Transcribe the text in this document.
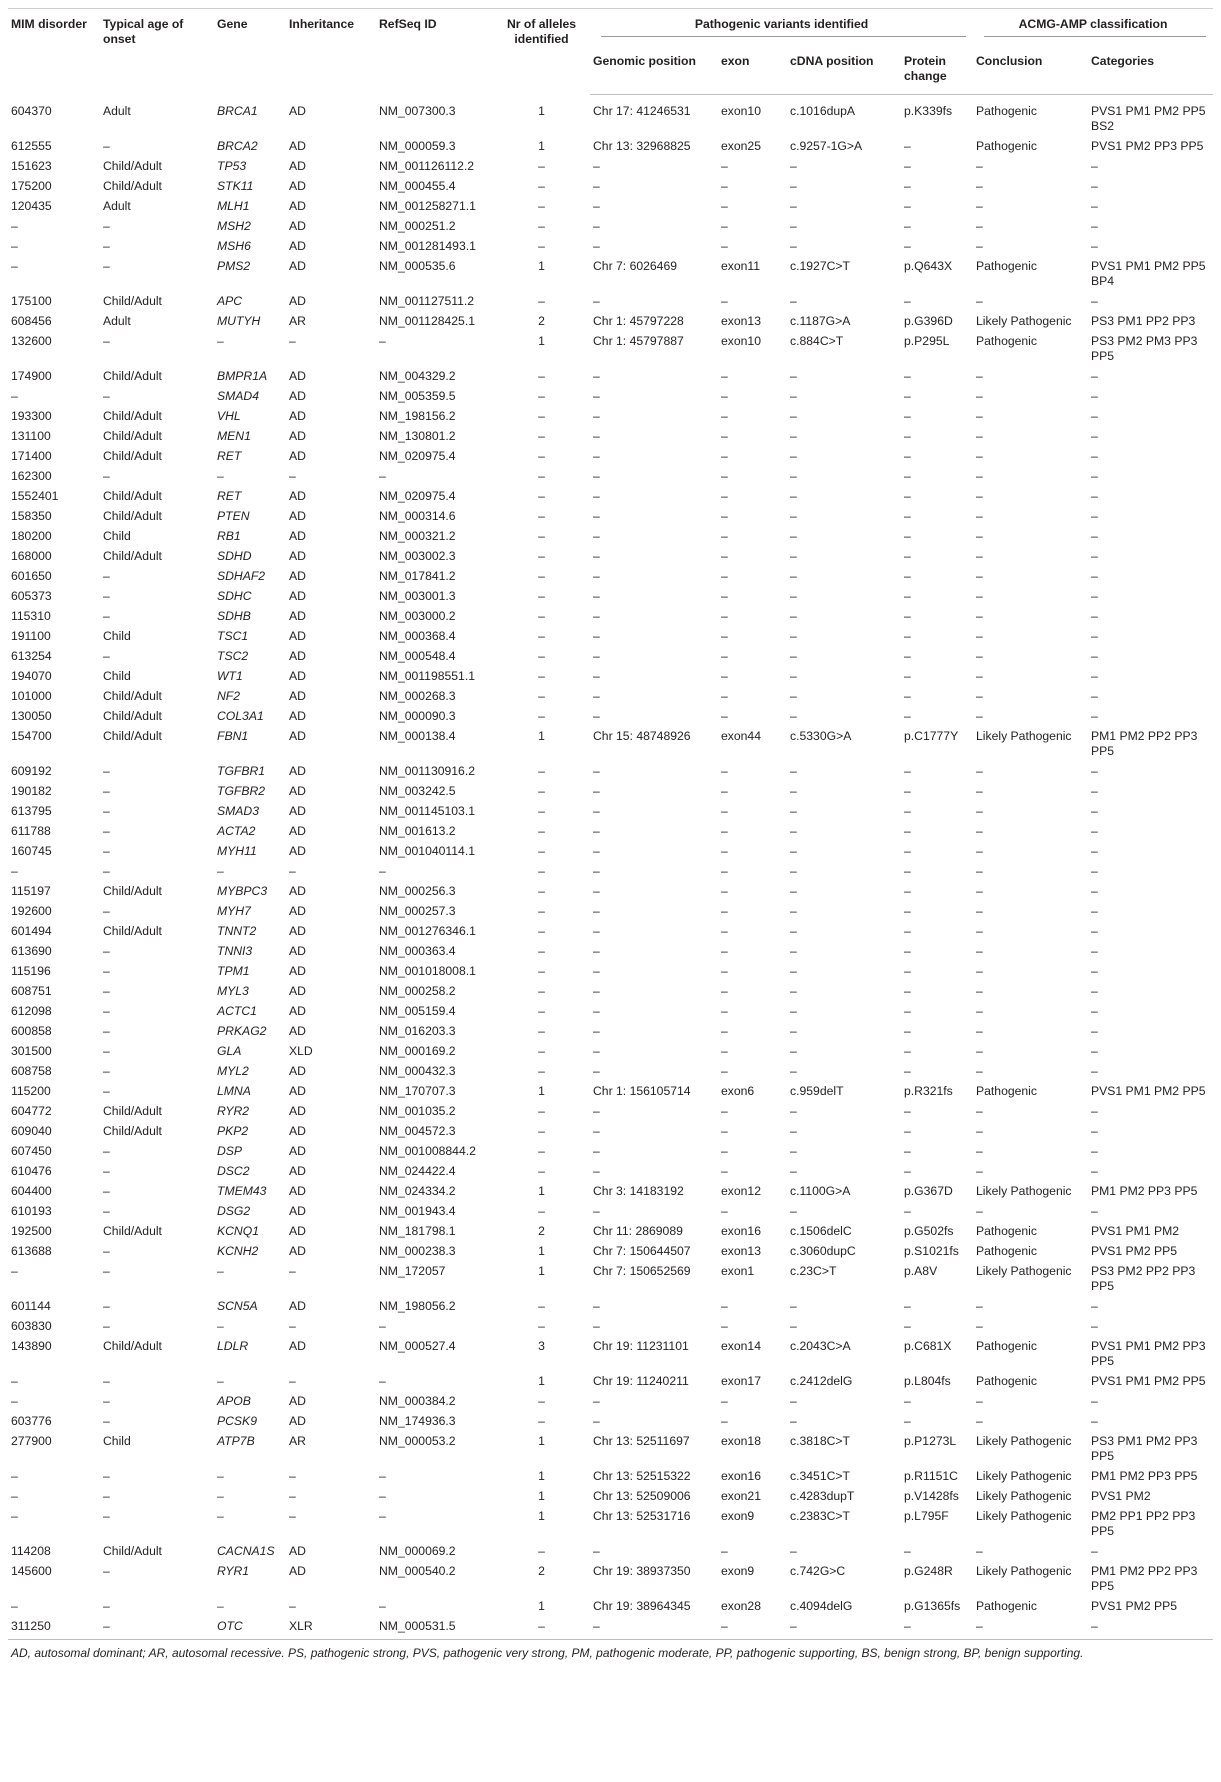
MIM disorder	Typical age of onset	Gene	Inheritance	RefSeq ID	Nr of alleles identified	Pathogenic variants identified				ACMG-AMP classification	

						Genomic position	exon	cDNA position	Protein change	Conclusion	Categories
604370	Adult	BRCA1	AD	NM_007300.3	1	Chr 17: 41246531	exon10	c.1016dupA	p.K339fs	Pathogenic	PVS1 PM1 PM2 PP5 BS2
612555	–	BRCA2	AD	NM_000059.3	1	Chr 13: 32968825	exon25	c.9257-1G>A	–	Pathogenic	PVS1 PM2 PP3 PP5
151623	Child/Adult	TP53	AD	NM_001126112.2	–	–	–	–	–	–	–
175200	Child/Adult	STK11	AD	NM_000455.4	–	–	–	–	–	–	–
120435	Adult	MLH1	AD	NM_001258271.1	–	–	–	–	–	–	–
–	–	MSH2	AD	NM_000251.2	–	–	–	–	–	–	–
–	–	MSH6	AD	NM_001281493.1	–	–	–	–	–	–	–
–	–	PMS2	AD	NM_000535.6	1	Chr 7: 6026469	exon11	c.1927C>T	p.Q643X	Pathogenic	PVS1 PM1 PM2 PP5 BP4
175100	Child/Adult	APC	AD	NM_001127511.2	–	–	–	–	–	–	–
608456	Adult	MUTYH	AR	NM_001128425.1	2	Chr 1: 45797228	exon13	c.1187G>A	p.G396D	Likely Pathogenic	PS3 PM1 PP2 PP3
132600	–	–	–	–	1	Chr 1: 45797887	exon10	c.884C>T	p.P295L	Pathogenic	PS3 PM2 PM3 PP3 PP5
174900	Child/Adult	BMPR1A	AD	NM_004329.2	–	–	–	–	–	–	–
–	–	SMAD4	AD	NM_005359.5	–	–	–	–	–	–	–
193300	Child/Adult	VHL	AD	NM_198156.2	–	–	–	–	–	–	–
131100	Child/Adult	MEN1	AD	NM_130801.2	–	–	–	–	–	–	–
171400	Child/Adult	RET	AD	NM_020975.4	–	–	–	–	–	–	–
162300	–	–	–	–	–	–	–	–	–	–	–
1552401	Child/Adult	RET	AD	NM_020975.4	–	–	–	–	–	–	–
158350	Child/Adult	PTEN	AD	NM_000314.6	–	–	–	–	–	–	–
180200	Child	RB1	AD	NM_000321.2	–	–	–	–	–	–	–
168000	Child/Adult	SDHD	AD	NM_003002.3	–	–	–	–	–	–	–
601650	–	SDHAF2	AD	NM_017841.2	–	–	–	–	–	–	–
605373	–	SDHC	AD	NM_003001.3	–	–	–	–	–	–	–
115310	–	SDHB	AD	NM_003000.2	–	–	–	–	–	–	–
191100	Child	TSC1	AD	NM_000368.4	–	–	–	–	–	–	–
613254	–	TSC2	AD	NM_000548.4	–	–	–	–	–	–	–
194070	Child	WT1	AD	NM_001198551.1	–	–	–	–	–	–	–
101000	Child/Adult	NF2	AD	NM_000268.3	–	–	–	–	–	–	–
130050	Child/Adult	COL3A1	AD	NM_000090.3	–	–	–	–	–	–	–
154700	Child/Adult	FBN1	AD	NM_000138.4	1	Chr 15: 48748926	exon44	c.5330G>A	p.C1777Y	Likely Pathogenic	PM1 PM2 PP2 PP3 PP5
609192	–	TGFBR1	AD	NM_001130916.2	–	–	–	–	–	–	–
190182	–	TGFBR2	AD	NM_003242.5	–	–	–	–	–	–	–
613795	–	SMAD3	AD	NM_001145103.1	–	–	–	–	–	–	–
611788	–	ACTA2	AD	NM_001613.2	–	–	–	–	–	–	–
160745	–	MYH11	AD	NM_001040114.1	–	–	–	–	–	–	–
–	–	–	–	–	–	–	–	–	–	–	–
115197	Child/Adult	MYBPC3	AD	NM_000256.3	–	–	–	–	–	–	–
192600	–	MYH7	AD	NM_000257.3	–	–	–	–	–	–	–
601494	Child/Adult	TNNT2	AD	NM_001276346.1	–	–	–	–	–	–	–
613690	–	TNNI3	AD	NM_000363.4	–	–	–	–	–	–	–
115196	–	TPM1	AD	NM_001018008.1	–	–	–	–	–	–	–
608751	–	MYL3	AD	NM_000258.2	–	–	–	–	–	–	–
612098	–	ACTC1	AD	NM_005159.4	–	–	–	–	–	–	–
600858	–	PRKAG2	AD	NM_016203.3	–	–	–	–	–	–	–
301500	–	GLA	XLD	NM_000169.2	–	–	–	–	–	–	–
608758	–	MYL2	AD	NM_000432.3	–	–	–	–	–	–	–
115200	–	LMNA	AD	NM_170707.3	1	Chr 1: 156105714	exon6	c.959delT	p.R321fs	Pathogenic	PVS1 PM1 PM2 PP5
604772	Child/Adult	RYR2	AD	NM_001035.2	–	–	–	–	–	–	–
609040	Child/Adult	PKP2	AD	NM_004572.3	–	–	–	–	–	–	–
607450	–	DSP	AD	NM_001008844.2	–	–	–	–	–	–	–
610476	–	DSC2	AD	NM_024422.4	–	–	–	–	–	–	–
604400	–	TMEM43	AD	NM_024334.2	1	Chr 3: 14183192	exon12	c.1100G>A	p.G367D	Likely Pathogenic	PM1 PM2 PP3 PP5
610193	–	DSG2	AD	NM_001943.4	–	–	–	–	–	–	–
192500	Child/Adult	KCNQ1	AD	NM_181798.1	2	Chr 11: 2869089	exon16	c.1506delC	p.G502fs	Pathogenic	PVS1 PM1 PM2
613688	–	KCNH2	AD	NM_000238.3	1	Chr 7: 150644507	exon13	c.3060dupC	p.S1021fs	Pathogenic	PVS1 PM2 PP5
–	–	–	–	NM_172057	1	Chr 7: 150652569	exon1	c.23C>T	p.A8V	Likely Pathogenic	PS3 PM2 PP2 PP3 PP5
601144	–	SCN5A	AD	NM_198056.2	–	–	–	–	–	–	–
603830	–	–	–	–	–	–	–	–	–	–	–
143890	Child/Adult	LDLR	AD	NM_000527.4	3	Chr 19: 11231101	exon14	c.2043C>A	p.C681X	Pathogenic	PVS1 PM1 PM2 PP3 PP5
–	–	–	–	–	1	Chr 19: 11240211	exon17	c.2412delG	p.L804fs	Pathogenic	PVS1 PM1 PM2 PP5
–	–	APOB	AD	NM_000384.2	–	–	–	–	–	–	–
603776	–	PCSK9	AD	NM_174936.3	–	–	–	–	–	–	–
277900	Child	ATP7B	AR	NM_000053.2	1	Chr 13: 52511697	exon18	c.3818C>T	p.P1273L	Likely Pathogenic	PS3 PM1 PM2 PP3 PP5
–	–	–	–	–	1	Chr 13: 52515322	exon16	c.3451C>T	p.R1151C	Likely Pathogenic	PM1 PM2 PP3 PP5
–	–	–	–	–	1	Chr 13: 52509006	exon21	c.4283dupT	p.V1428fs	Likely Pathogenic	PVS1 PM2
–	–	–	–	–	1	Chr 13: 52531716	exon9	c.2383C>T	p.L795F	Likely Pathogenic	PM2 PP1 PP2 PP3 PP5
114208	Child/Adult	CACNA1S	AD	NM_000069.2	–	–	–	–	–	–	–
145600	–	RYR1	AD	NM_000540.2	2	Chr 19: 38937350	exon9	c.742G>C	p.G248R	Likely Pathogenic	PM1 PM2 PP2 PP3 PP5
–	–	–	–	–	1	Chr 19: 38964345	exon28	c.4094delG	p.G1365fs	Pathogenic	PVS1 PM2 PP5
311250	–	OTC	XLR	NM_000531.5	–	–	–	–	–	–	–
AD, autosomal dominant; AR, autosomal recessive. PS, pathogenic strong, PVS, pathogenic very strong, PM, pathogenic moderate, PP, pathogenic supporting, BS, benign strong, BP, benign supporting.
